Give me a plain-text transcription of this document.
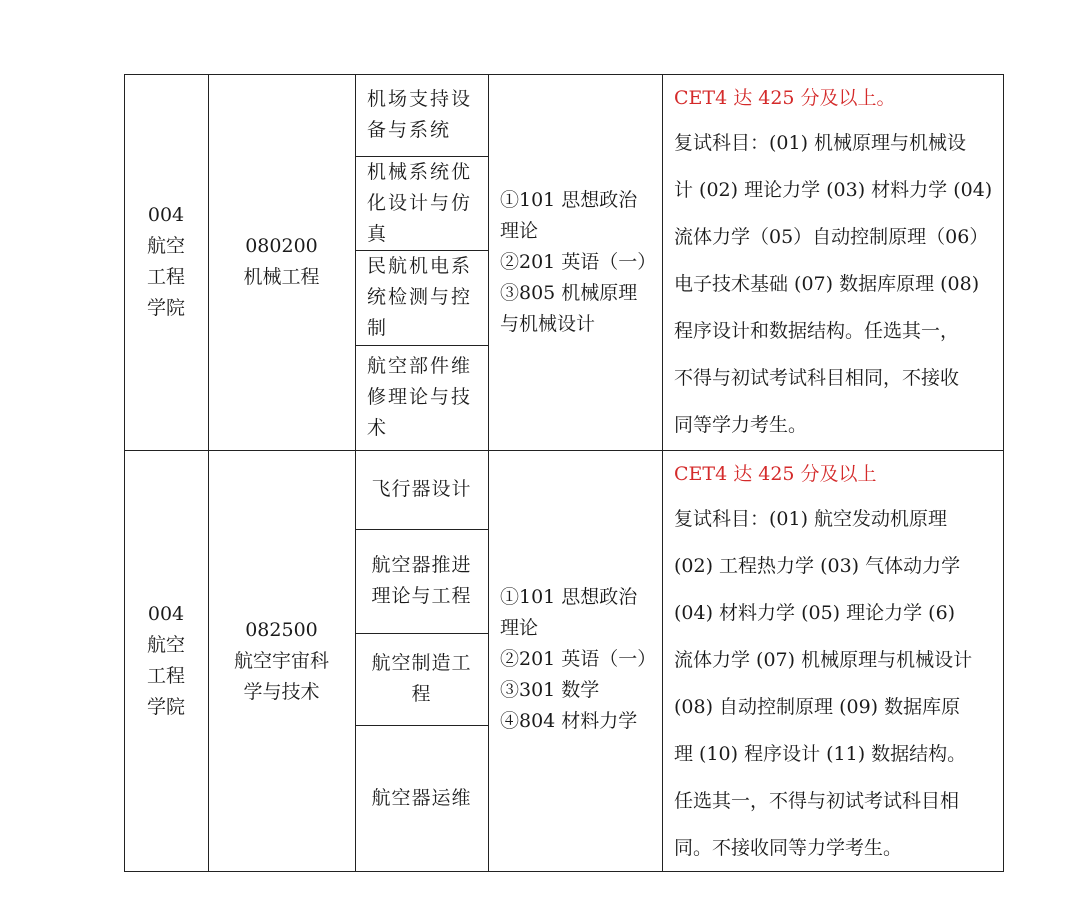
004
航空
工程
学院
080200
机械工程
机场支持设
备与系统
机械系统优
化设计与仿
真
民航机电系
统检测与控
制
航空部件维
修理论与技
术
①101 思想政治
理论
②201 英语（一）
③805 机械原理
与机械设计
CET4 达 425 分及以上。
复试科目：(01) 机械原理与机械设
计 (02) 理论力学 (03) 材料力学 (04)
流体力学（05）自动控制原理（06）
电子技术基础 (07) 数据库原理 (08)
程序设计和数据结构。任选其一，
不得与初试考试科目相同，不接收
同等学力考生。
004
航空
工程
学院
082500
航空宇宙科
学与技术
飞行器设计
航空器推进
理论与工程
航空制造工
程
航空器运维
①101 思想政治
理论
②201 英语（一）
③301 数学
④804 材料力学
CET4 达 425 分及以上
复试科目：(01) 航空发动机原理
(02) 工程热力学 (03) 气体动力学
(04) 材料力学 (05) 理论力学 (6)
流体力学 (07) 机械原理与机械设计
(08) 自动控制原理 (09) 数据库原
理 (10) 程序设计 (11) 数据结构。
任选其一，不得与初试考试科目相
同。不接收同等力学考生。
